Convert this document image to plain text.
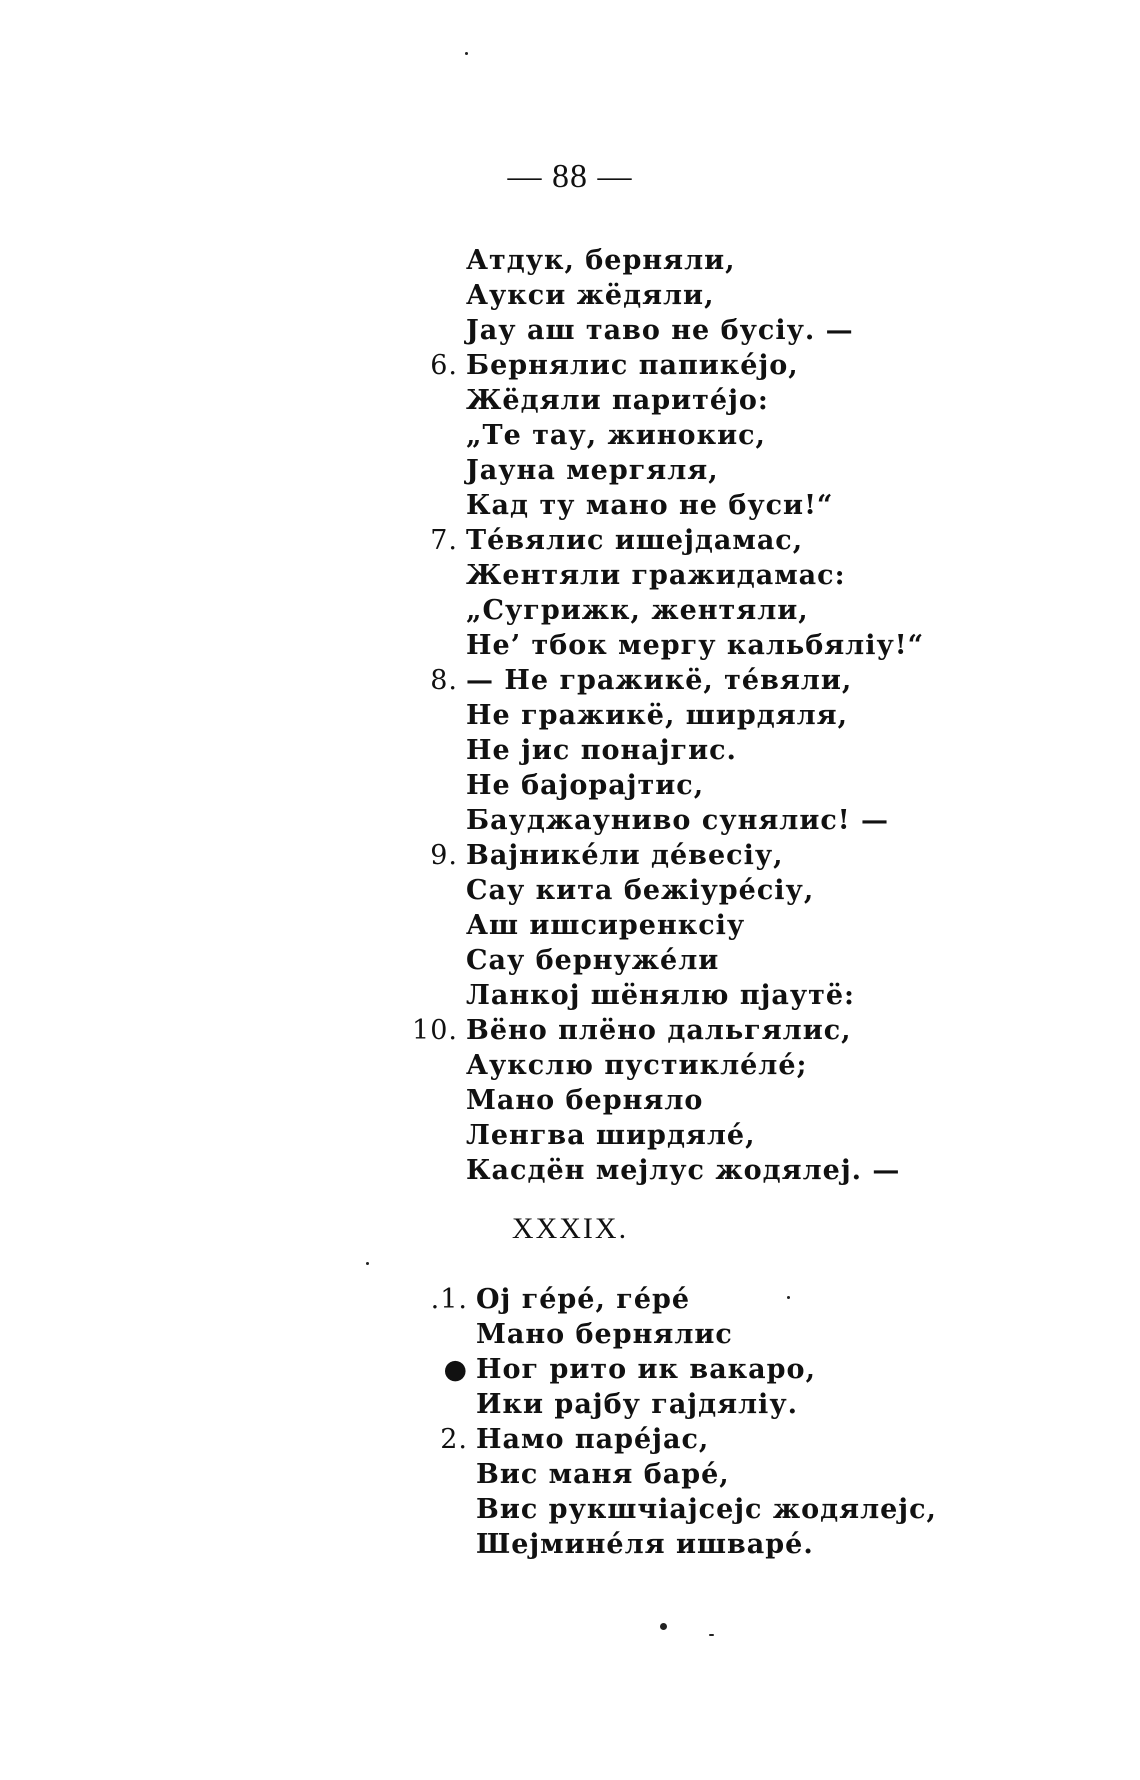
— 88 —
Атдук, берняли,
Аукси жёдяли,
Јау аш таво не бусіу. —
6. Бернялис папикéјо,
Жёдяли паритéјо:
„Те тау, жинокис,
Јауна мергяля,
Кад ту мано не буси!“
7. Тéвялис ишејдамас,
Жентяли гражидамас:
„Сугрижк, жентяли,
Не’ тбок мергу кальбялiу!“
8. — Не гражикё, тéвяли,
Не гражикё, ширдяля,
Не јис понајгис.
Не бајорајтис,
Бауджауниво сунялис! —
9. Вајникéли дéвесiу,
Сау кита бежiурéсiу,
Аш ишсиренксiу
Сау бернужéли
Ланкој шёнялю пјаутё:
10. Вёно плёно дальгялис,
Аукслю пустиклéлé;
Мано берняло
Ленгва ширдялé,
Касдён мејлус жодялеј. —
XXXIX.
.1. Ој гéрé, гéрé
Мано бернялис
● Ног рито ик вакаро,
Ики рајбу гајдялiу.
2. Намо парéјас,
Вис маня барé,
Вис рукшчiајсејс жодялејс,
Шејминéля ишварé.
